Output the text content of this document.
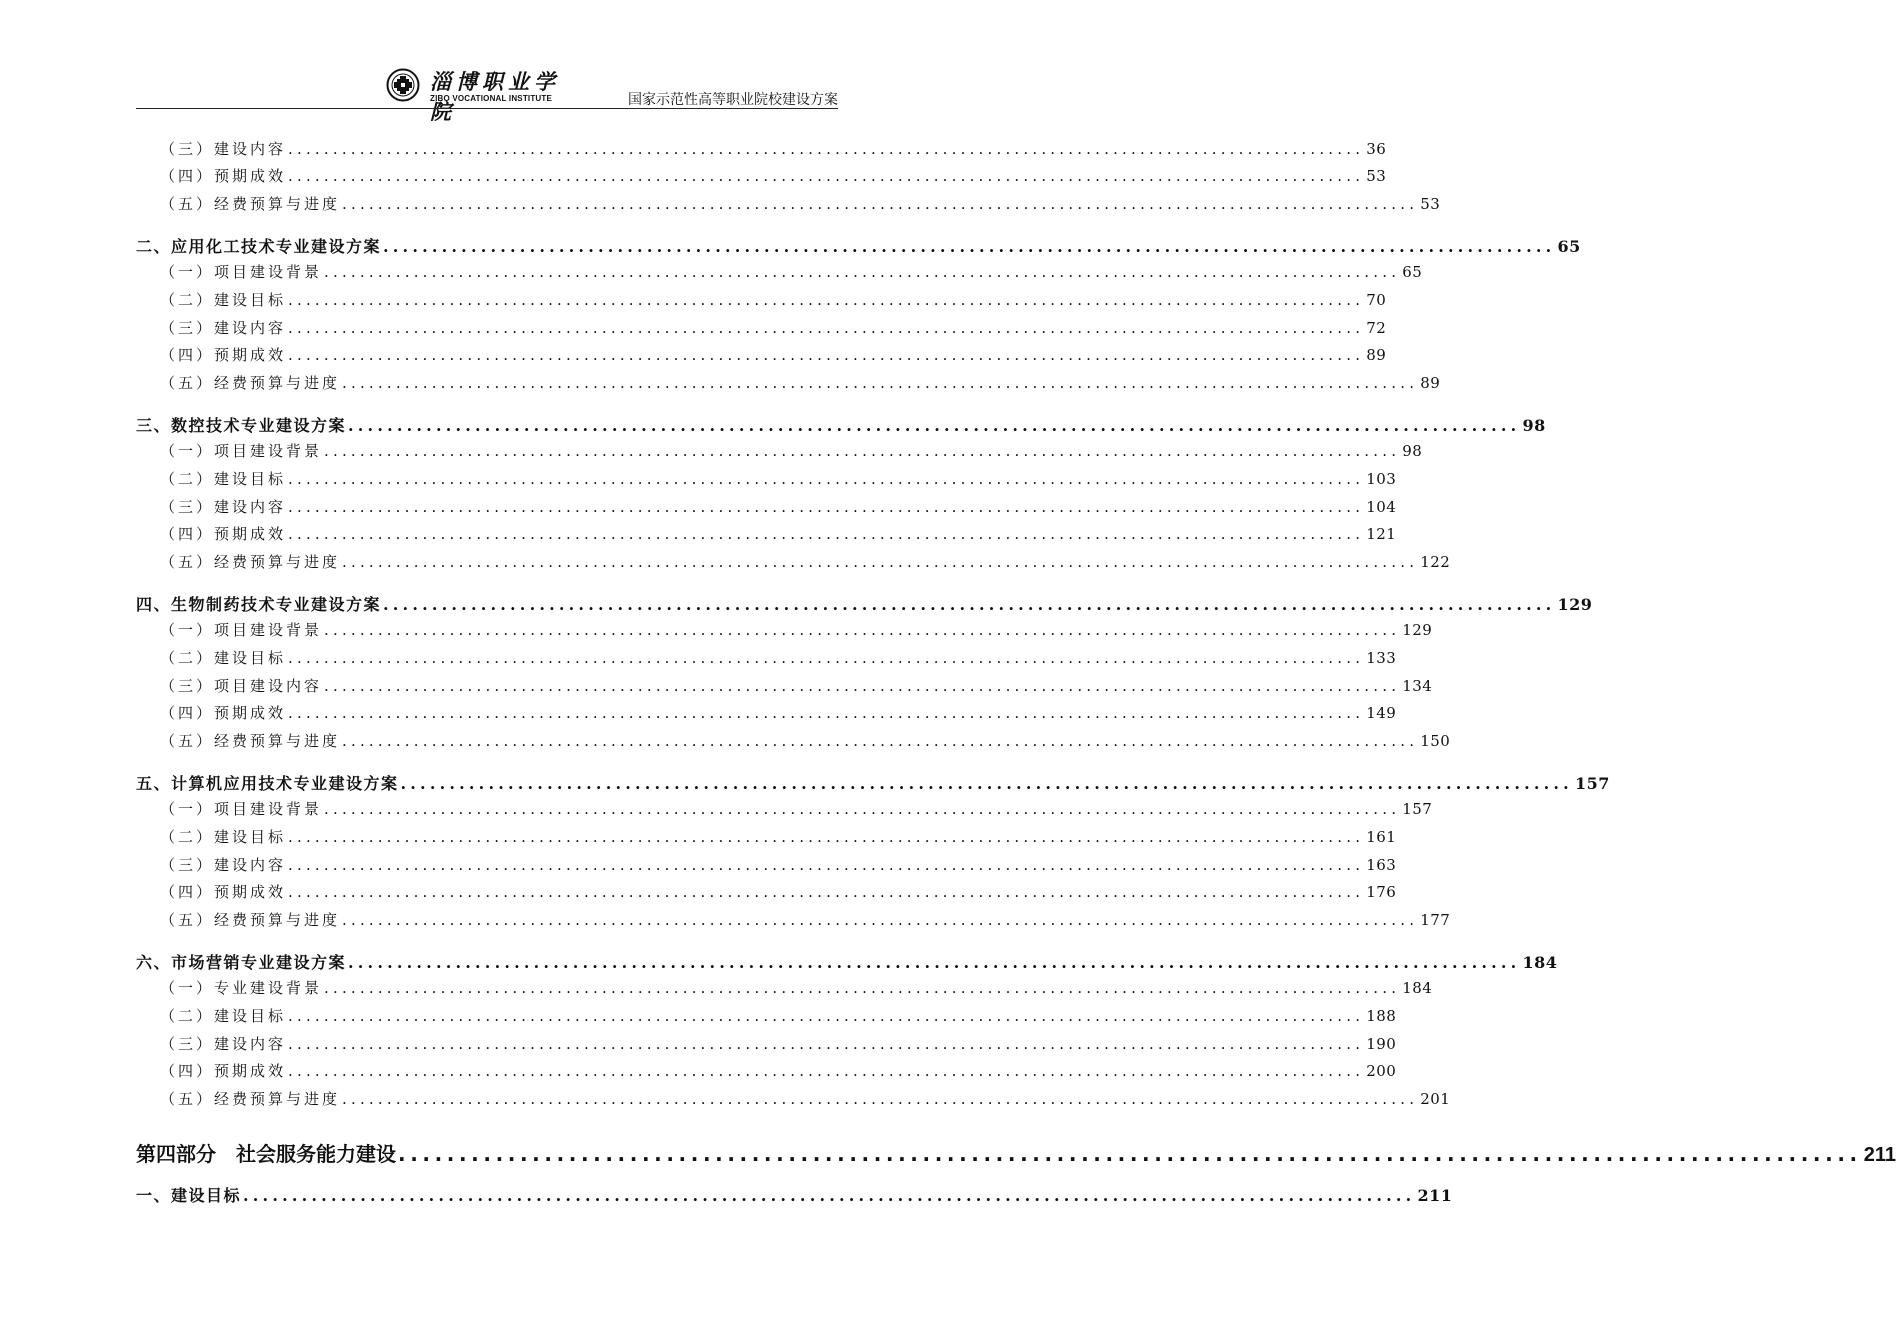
淄博职业学院
ZIBO VOCATIONAL INSTITUTE	国家示范性高等职业院校建设方案
（三）建设内容 ........................................................................................................................ 36
（四）预期成效 ........................................................................................................................ 53
（五）经费预算与进度 ........................................................................................................................ 53
二、应用化工技术专业建设方案 ........................................................................................................................ 65
（一）项目建设背景 ........................................................................................................................ 65
（二）建设目标 ........................................................................................................................ 70
（三）建设内容 ........................................................................................................................ 72
（四）预期成效 ........................................................................................................................ 89
（五）经费预算与进度 ........................................................................................................................ 89
三、数控技术专业建设方案 ........................................................................................................................ 98
（一）项目建设背景 ........................................................................................................................ 98
（二）建设目标 ........................................................................................................................ 103
（三）建设内容 ........................................................................................................................ 104
（四）预期成效 ........................................................................................................................ 121
（五）经费预算与进度 ........................................................................................................................ 122
四、生物制药技术专业建设方案 ........................................................................................................................ 129
（一）项目建设背景 ........................................................................................................................ 129
（二）建设目标 ........................................................................................................................ 133
（三）项目建设内容 ........................................................................................................................ 134
（四）预期成效 ........................................................................................................................ 149
（五）经费预算与进度 ........................................................................................................................ 150
五、计算机应用技术专业建设方案 ........................................................................................................................ 157
（一）项目建设背景 ........................................................................................................................ 157
（二）建设目标 ........................................................................................................................ 161
（三）建设内容 ........................................................................................................................ 163
（四）预期成效 ........................................................................................................................ 176
（五）经费预算与进度 ........................................................................................................................ 177
六、市场营销专业建设方案 ........................................................................................................................ 184
（一）专业建设背景 ........................................................................................................................ 184
（二）建设目标 ........................................................................................................................ 188
（三）建设内容 ........................................................................................................................ 190
（四）预期成效 ........................................................................................................................ 200
（五）经费预算与进度 ........................................................................................................................ 201
第四部分　社会服务能力建设 ........................................................................................................................ 211
一、建设目标 ........................................................................................................................ 211
